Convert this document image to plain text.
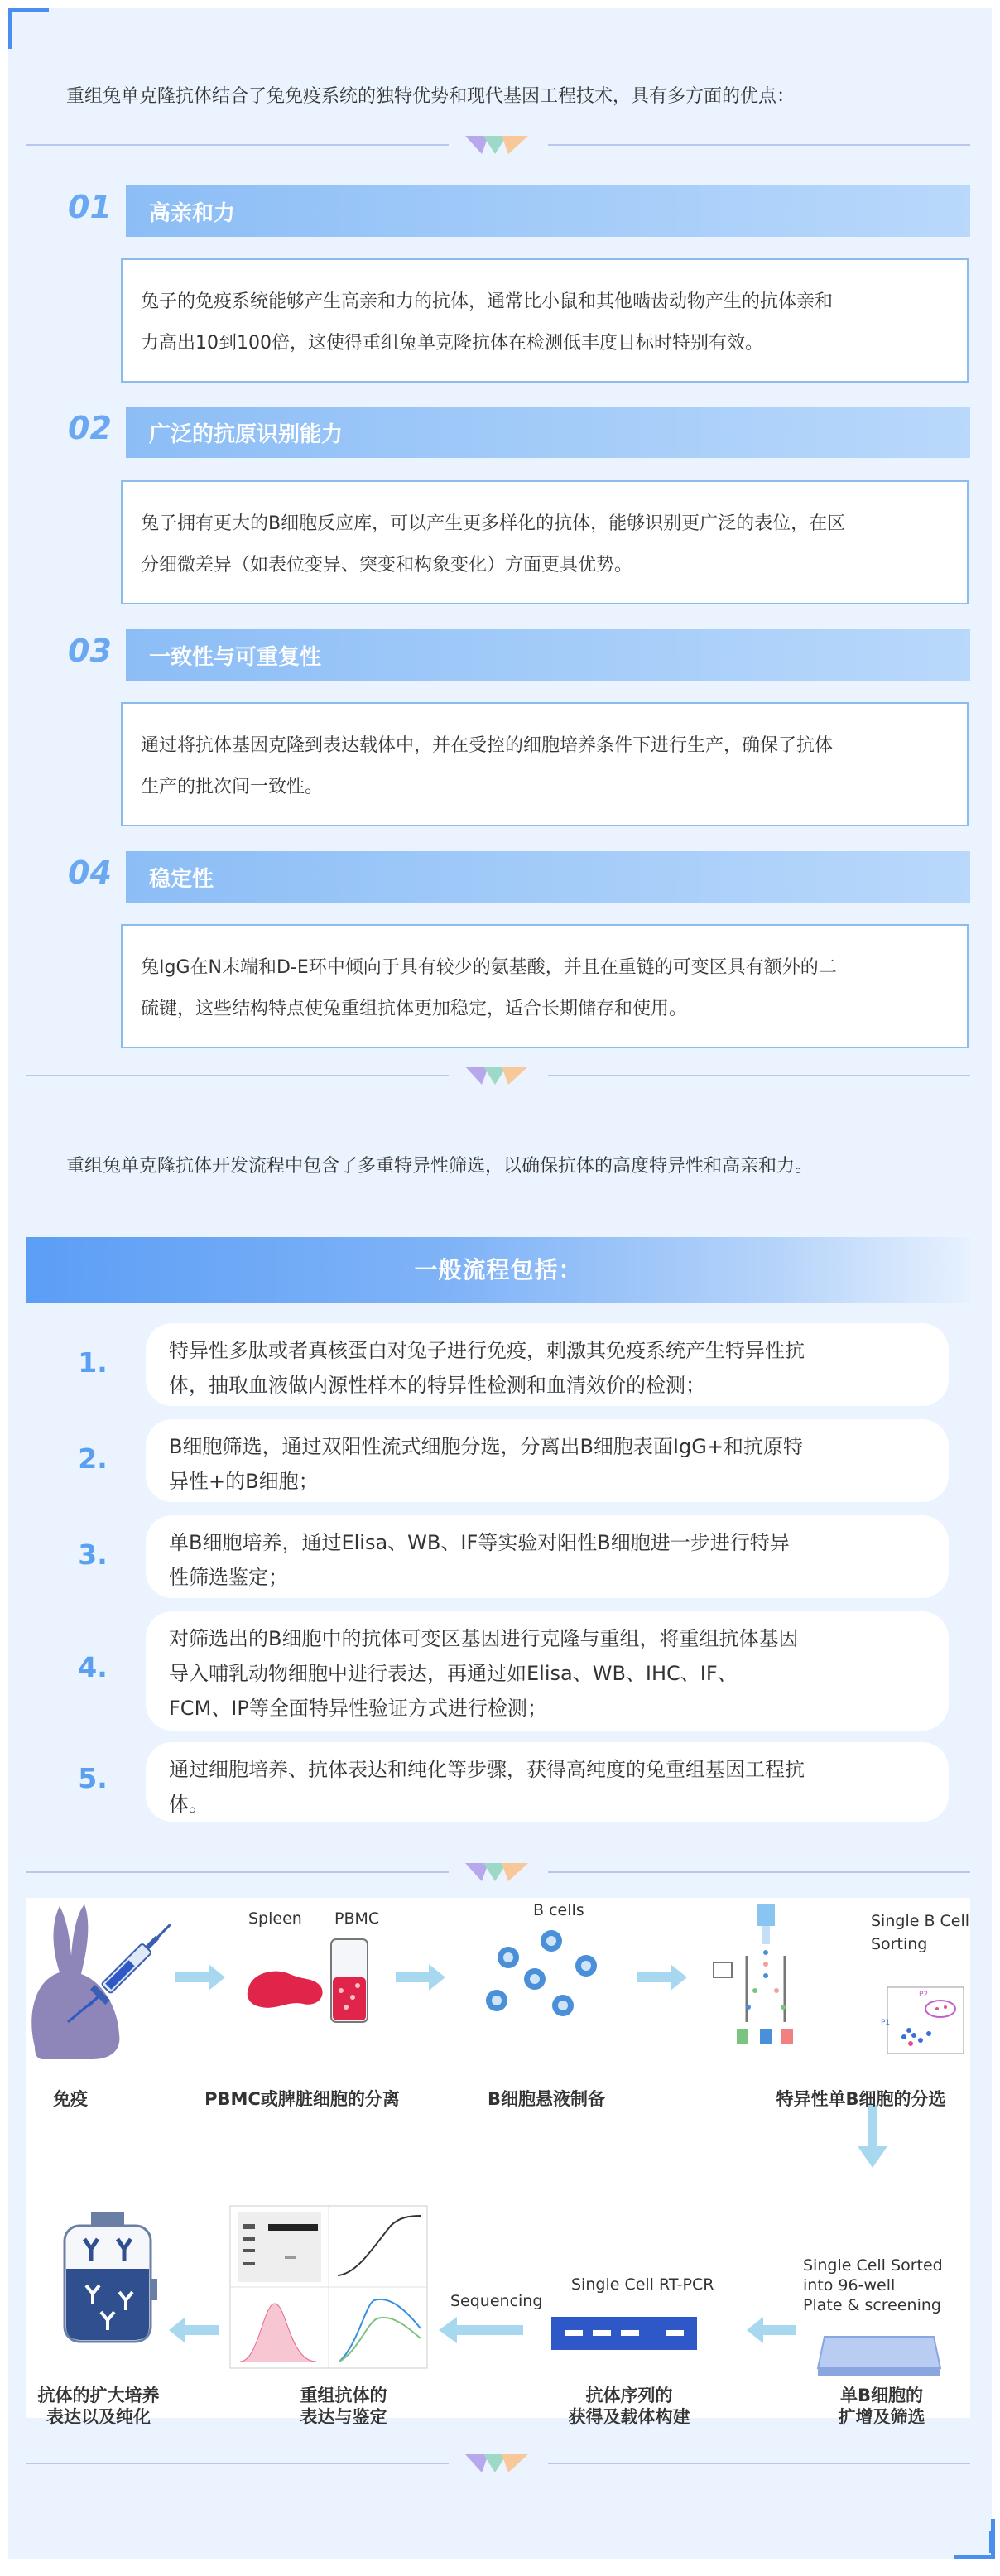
重组兔单克隆抗体结合了兔免疫系统的独特优势和现代基因工程技术，具有多方面的优点：
01 高亲和力
兔子的免疫系统能够产生高亲和力的抗体，通常比小鼠和其他啮齿动物产生的抗体亲和
力高出10到100倍，这使得重组兔单克隆抗体在检测低丰度目标时特别有效。
02 广泛的抗原识别能力
兔子拥有更大的B细胞反应库，可以产生更多样化的抗体，能够识别更广泛的表位，在区
分细微差异（如表位变异、突变和构象变化）方面更具优势。
03 一致性与可重复性
通过将抗体基因克隆到表达载体中，并在受控的细胞培养条件下进行生产，确保了抗体
生产的批次间一致性。
04 稳定性
兔IgG在N末端和D-E环中倾向于具有较少的氨基酸，并且在重链的可变区具有额外的二
硫键，这些结构特点使兔重组抗体更加稳定，适合长期储存和使用。
重组兔单克隆抗体开发流程中包含了多重特异性筛选，以确保抗体的高度特异性和高亲和力。
一般流程包括：
1.	特异性多肽或者真核蛋白对兔子进行免疫，刺激其免疫系统产生特异性抗
体，抽取血液做内源性样本的特异性检测和血清效价的检测；
2.	B细胞筛选，通过双阳性流式细胞分选，分离出B细胞表面IgG+和抗原特
异性+的B细胞；
3.	单B细胞培养，通过Elisa、WB、IF等实验对阳性B细胞进一步进行特异
性筛选鉴定；
4.
对筛选出的B细胞中的抗体可变区基因进行克隆与重组，将重组抗体基因
导入哺乳动物细胞中进行表达，再通过如Elisa、WB、IHC、IF、
FCM、IP等全面特异性验证方式进行检测；
5.	通过细胞培养、抗体表达和纯化等步骤，获得高纯度的兔重组基因工程抗
体。
Spleen PBMC	B cells
Single B Cell
Sorting
P2
P1
免疫	PBMC或脾脏细胞的分离	B细胞悬液制备	特异性单B细胞的分选
Single Cell Sorted
into 96-well
Plate & screening
Single Cell RT-PCR
Sequencing
抗体的扩大培养
表达以及纯化
重组抗体的
表达与鉴定
抗体序列的
获得及载体构建
单B细胞的
扩增及筛选
